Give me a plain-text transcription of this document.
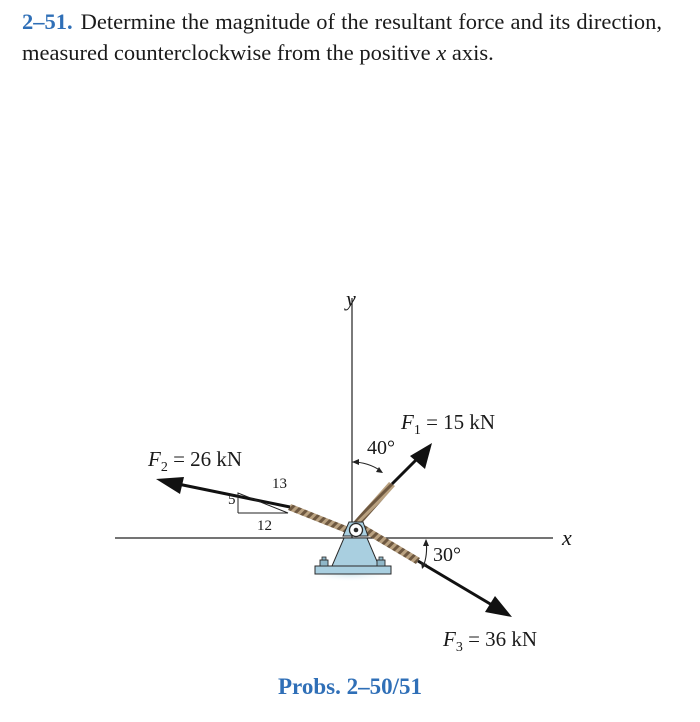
2–51. Determine the magnitude of the resultant force and its direction, measured counterclockwise from the positive x axis.
y
x
40°
30°
13
5
12
$F_1 = 15$ kN
$F_2 = 26$ kN
$F_3 = 36$ kN
Probs. 2–50/51
